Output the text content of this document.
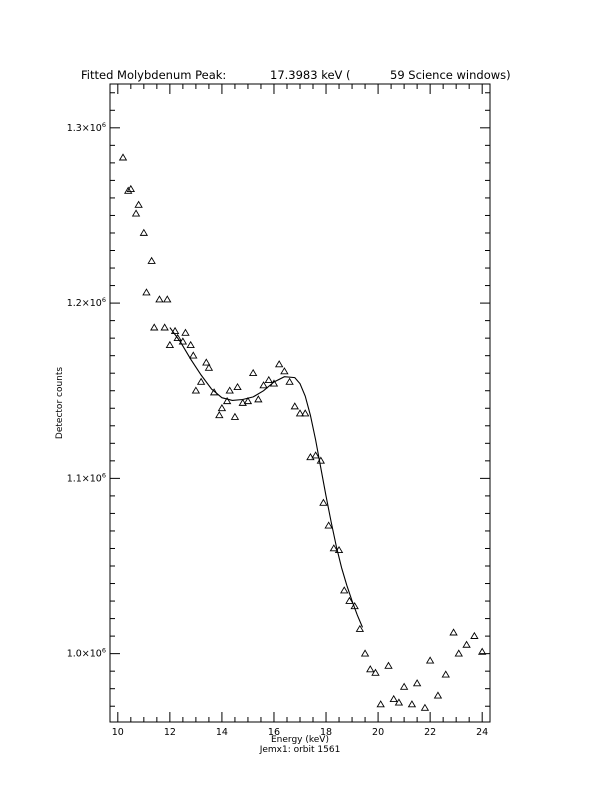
Fitted Molybdenum Peak:	17.3983 keV (	59 Science windows)
10	12	14	16	18	20	22	24
$1.0\times 10^6$
$1.1\times 10^6$
$1.2\times 10^6$
$1.3\times 10^6$
Energy (keV)
Jemx1: orbit 1561
Detector counts
